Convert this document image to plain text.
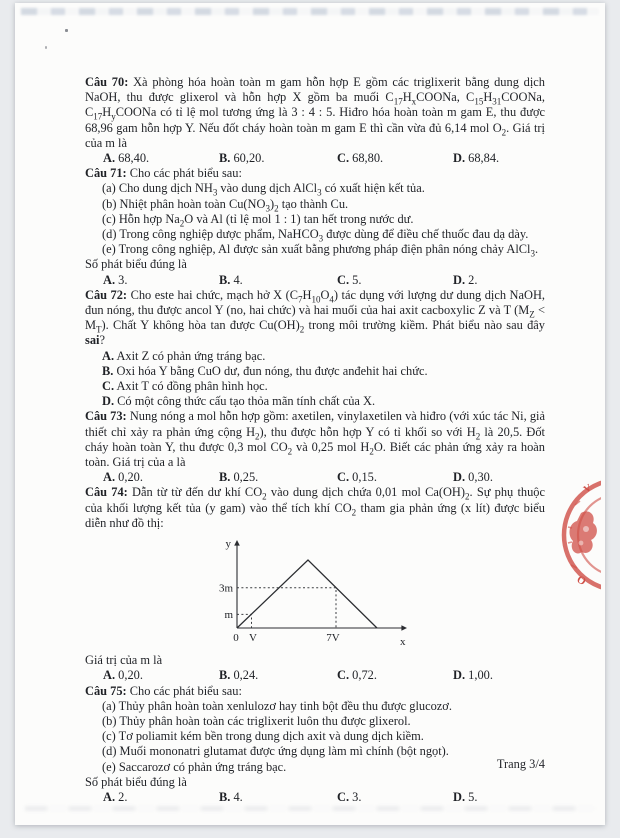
Câu 70: Xà phòng hóa hoàn toàn m gam hỗn hợp E gồm các triglixerit bằng dung dịch NaOH, thu được glixerol và hỗn hợp X gồm ba muối $C_{17}H_xCOONa$, $C_{15}H_{31}COONa$, $C_{17}H_yCOONa$ có tỉ lệ mol tương ứng là 3 : 4 : 5. Hiđro hóa hoàn toàn m gam E, thu được 68,96 gam hỗn hợp Y. Nếu đốt cháy hoàn toàn m gam E thì cần vừa đủ 6,14 mol $O_2$. Giá trị của m là

A. 68,40.	B. 60,20.	C. 68,80.	D. 68,84.

Câu 71: Cho các phát biểu sau:

(a) Cho dung dịch $NH_3$ vào dung dịch AlCl$_3$ có xuất hiện kết tủa.
(b) Nhiệt phân hoàn toàn $Cu(NO_3)_2$ tạo thành Cu.
(c) Hỗn hợp $Na_2O$ và Al (tỉ lệ mol 1 : 1) tan hết trong nước dư.
(d) Trong công nghiệp dược phẩm, NaHCO$_3$ được dùng để điều chế thuốc đau dạ dày.
(e) Trong công nghiệp, Al được sản xuất bằng phương pháp điện phân nóng chảy AlCl$_3$.
Số phát biểu đúng là
A. 3.	B. 4.	C. 5.	D. 2.

Câu 72: Cho este hai chức, mạch hở X $(C_7H_{10}O_4)$ tác dụng với lượng dư dung dịch NaOH, đun nóng, thu được ancol Y (no, hai chức) và hai muối của hai axit cacboxylic Z và T $(M_Z < M_T)$. Chất Y không hòa tan được $Cu(OH)_2$ trong môi trường kiềm. Phát biểu nào sau đây sai?

A. Axit Z có phản ứng tráng bạc.
B. Oxi hóa Y bằng CuO dư, đun nóng, thu được anđehit hai chức.
C. Axit T có đồng phân hình học.
D. Có một công thức cấu tạo thỏa mãn tính chất của X.

Câu 73: Nung nóng a mol hỗn hợp gồm: axetilen, vinylaxetilen và hiđro (với xúc tác Ni, giả thiết chỉ xảy ra phản ứng cộng $H_2$), thu được hỗn hợp Y có tỉ khối so với $H_2$ là 20,5. Đốt cháy hoàn toàn Y, thu được 0,3 mol $CO_2$ và 0,25 mol $H_2O$. Biết các phản ứng xảy ra hoàn toàn. Giá trị của a là

A. 0,20.	B. 0,25.	C. 0,15.	D. 0,30.

Câu 74: Dẫn từ từ đến dư khí $CO_2$ vào dung dịch chứa 0,01 mol $Ca(OH)_2$. Sự phụ thuộc của khối lượng kết tủa (y gam) vào thể tích khí $CO_2$ tham gia phản ứng (x lít) được biểu diễn như đồ thị:

y
x
0 V	7V
3m
m
Giá trị của m là
A. 0,20.	B. 0,24.	C. 0,72.	D. 1,00.

Câu 75: Cho các phát biểu sau:

(a) Thủy phân hoàn toàn xenlulozơ hay tinh bột đều thu được glucozơ.
(b) Thủy phân hoàn toàn các triglixerit luôn thu được glixerol.
(c) Tơ poliamit kém bền trong dung dịch axit và dung dịch kiềm.
(d) Muối mononatri glutamat được ứng dụng làm mì chính (bột ngọt).
(e) Saccarozơ có phản ứng tráng bạc.
Số phát biểu đúng là
A. 2.	B. 4.	C. 3.	D. 5.
Trang 3/4
V
O
